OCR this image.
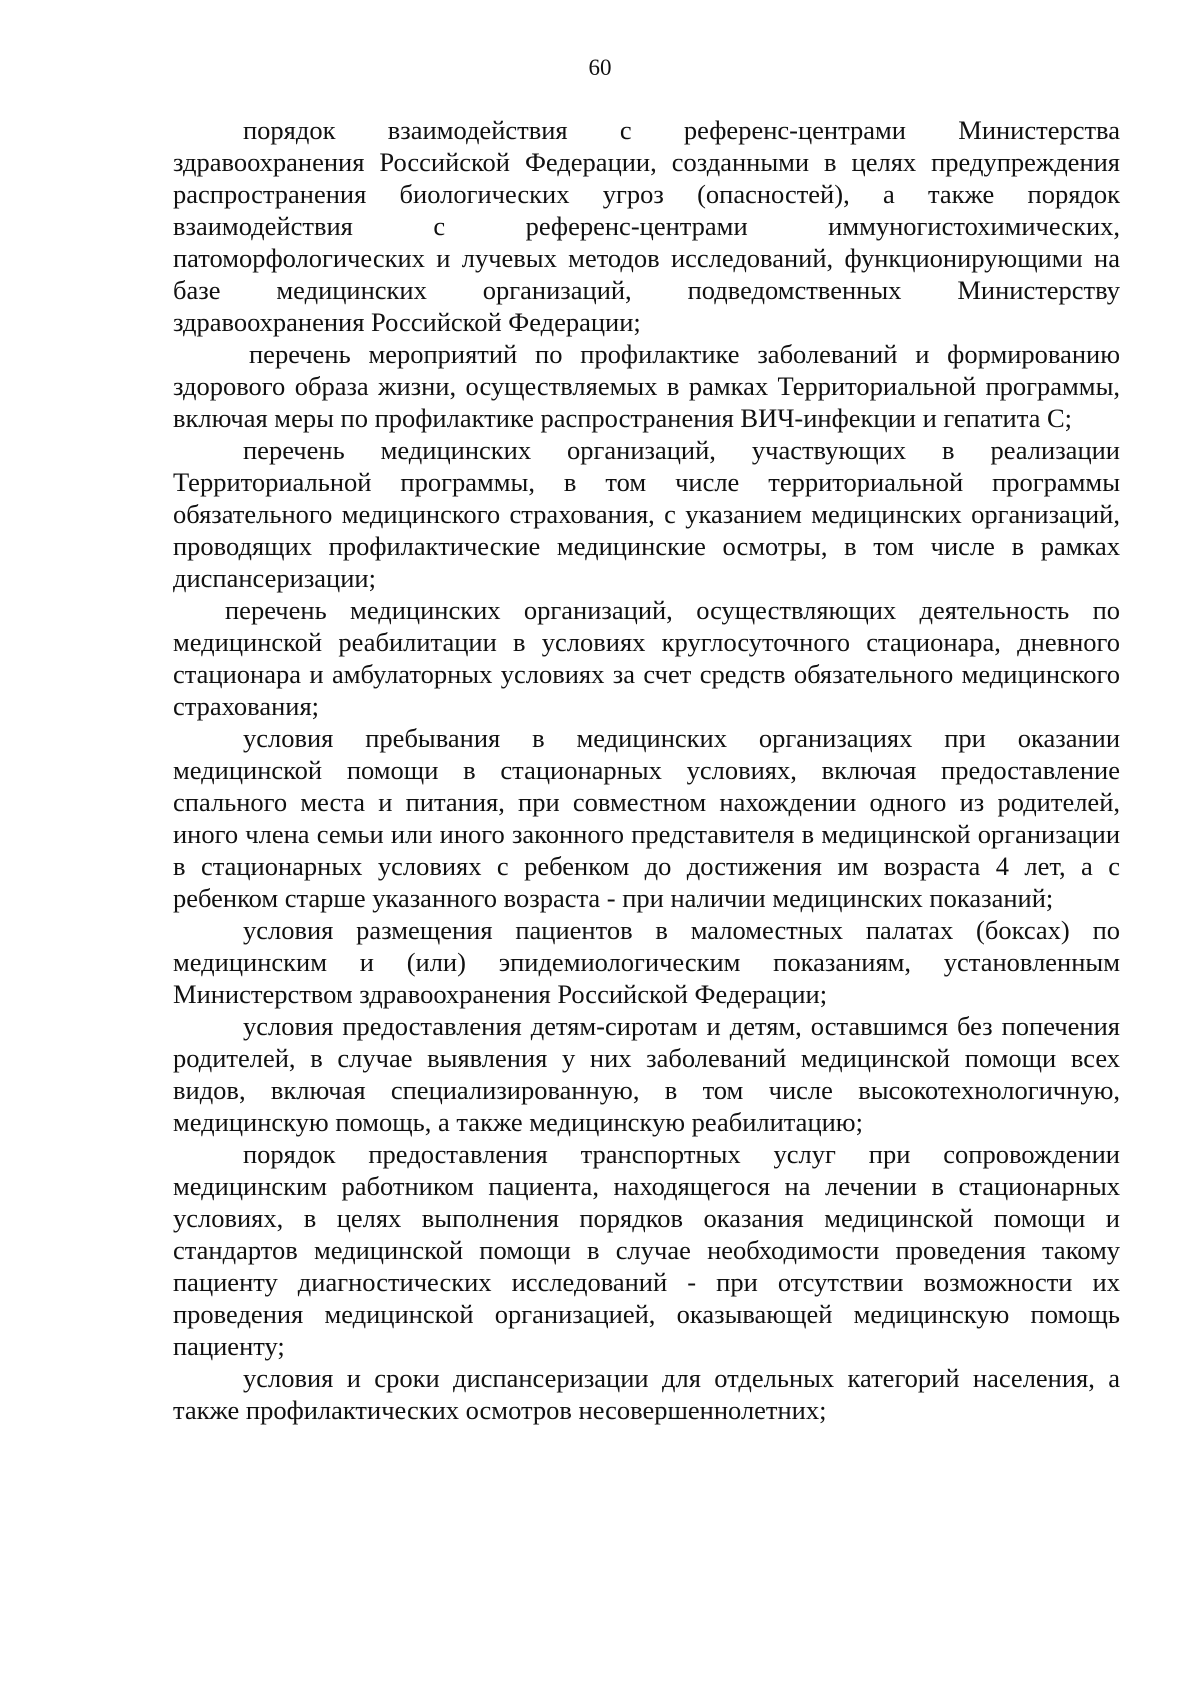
60

порядок взаимодействия с референс-центрами Министерства здравоохранения Российской Федерации, созданными в целях предупреждения распространения биологических угроз (опасностей), а также порядок взаимодействия с референс-центрами иммуногистохимических, патоморфологических и лучевых методов исследований, функционирующими на базе медицинских организаций, подведомственных Министерству здравоохранения Российской Федерации;

перечень мероприятий по профилактике заболеваний и формированию здорового образа жизни, осуществляемых в рамках Территориальной программы, включая меры по профилактике распространения ВИЧ-инфекции и гепатита С;

перечень медицинских организаций, участвующих в реализации Территориальной программы, в том числе территориальной программы обязательного медицинского страхования, с указанием медицинских организаций, проводящих профилактические медицинские осмотры, в том числе в рамках диспансеризации;

перечень медицинских организаций, осуществляющих деятельность по медицинской реабилитации в условиях круглосуточного стационара, дневного стационара и амбулаторных условиях за счет средств обязательного медицинского страхования;

условия пребывания в медицинских организациях при оказании медицинской помощи в стационарных условиях, включая предоставление спального места и питания, при совместном нахождении одного из родителей, иного члена семьи или иного законного представителя в медицинской организации в стационарных условиях с ребенком до достижения им возраста 4 лет, а с ребенком старше указанного возраста - при наличии медицинских показаний;

условия размещения пациентов в маломестных палатах (боксах) по медицинским и (или) эпидемиологическим показаниям, установленным Министерством здравоохранения Российской Федерации;

условия предоставления детям-сиротам и детям, оставшимся без попечения родителей, в случае выявления у них заболеваний медицинской помощи всех видов, включая специализированную, в том числе высокотехнологичную, медицинскую помощь, а также медицинскую реабилитацию;

порядок предоставления транспортных услуг при сопровождении медицинским работником пациента, находящегося на лечении в стационарных условиях, в целях выполнения порядков оказания медицинской помощи и стандартов медицинской помощи в случае необходимости проведения такому пациенту диагностических исследований - при отсутствии возможности их проведения медицинской организацией, оказывающей медицинскую помощь пациенту;

условия и сроки диспансеризации для отдельных категорий населения, а также профилактических осмотров несовершеннолетних;
